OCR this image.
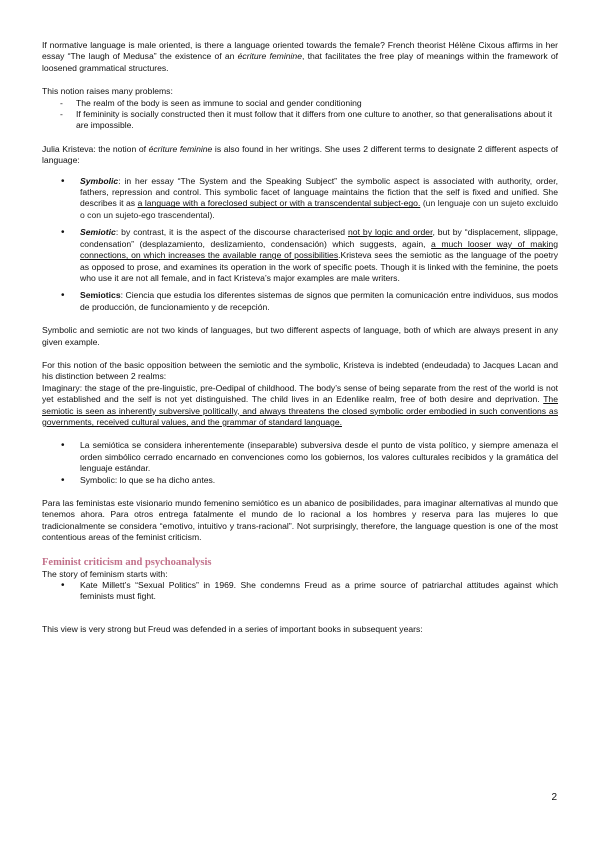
If normative language is male oriented, is there a language oriented towards the female? French theorist Hélène Cixous affirms in her essay “The laugh of Medusa” the existence of an écriture feminine, that facilitates the free play of meanings within the framework of loosened grammatical structures.

This notion raises many problems:

- The realm of the body is seen as immune to social and gender conditioning
- If femininity is socially constructed then it must follow that it differs from one culture to another, so that generalisations about it are impossible.

Julia Kristeva: the notion of écriture feminine is also found in her writings. She uses 2 different terms to designate 2 different aspects of language:

• Symbolic: in her essay “The System and the Speaking Subject” the symbolic aspect is associated with authority, order, fathers, repression and control. This symbolic facet of language maintains the fiction that the self is fixed and unified. She describes it as a language with a foreclosed subject or with a transcendental subject-ego. (un lenguaje con un sujeto excluido o con un sujeto-ego trascendental).
• Semiotic: by contrast, it is the aspect of the discourse characterised not by logic and order, but by “displacement, slippage, condensation” (desplazamiento, deslizamiento, condensación) which suggests, again, a much looser way of making connections, on which increases the available range of possibilities.Kristeva sees the semiotic as the language of the poetry as opposed to prose, and examines its operation in the work of specific poets. Though it is linked with the feminine, the poets who use it are not all female, and in fact Kristeva’s major examples are male writers.
• Semiotics: Ciencia que estudia los diferentes sistemas de signos que permiten la comunicación entre individuos, sus modos de producción, de funcionamiento y de recepción.

Symbolic and semiotic are not two kinds of languages, but two different aspects of language, both of which are always present in any given example.

For this notion of the basic opposition between the semiotic and the symbolic, Kristeva is indebted (endeudada) to Jacques Lacan and his distinction between 2 realms:

Imaginary: the stage of the pre-linguistic, pre-Oedipal of childhood. The body’s sense of being separate from the rest of the world is not yet established and the self is not yet distinguished. The child lives in an Edenlike realm, free of both desire and deprivation. The semiotic is seen as inherently subversive politically, and always threatens the closed symbolic order embodied in such conventions as governments, received cultural values, and the grammar of standard language.

• La semiótica se considera inherentemente (inseparable) subversiva desde el punto de vista político, y siempre amenaza el orden simbólico cerrado encarnado en convenciones como los gobiernos, los valores culturales recibidos y la gramática del lenguaje estándar.
• Symbolic: lo que se ha dicho antes.

Para las feministas este visionario mundo femenino semiótico es un abanico de posibilidades, para imaginar alternativas al mundo que tenemos ahora. Para otros entrega fatalmente el mundo de lo racional a los hombres y reserva para las mujeres lo que tradicionalmente se considera “emotivo, intuitivo y trans-racional”. Not surprisingly, therefore, the language question is one of the most contentious areas of the feminist criticism.

Feminist criticism and psychoanalysis

The story of feminism starts with:

• Kate Millett’s “Sexual Politics” in 1969. She condemns Freud as a prime source of patriarchal attitudes against which feminists must fight.

This view is very strong but Freud was defended in a series of important books in subsequent years:

2
